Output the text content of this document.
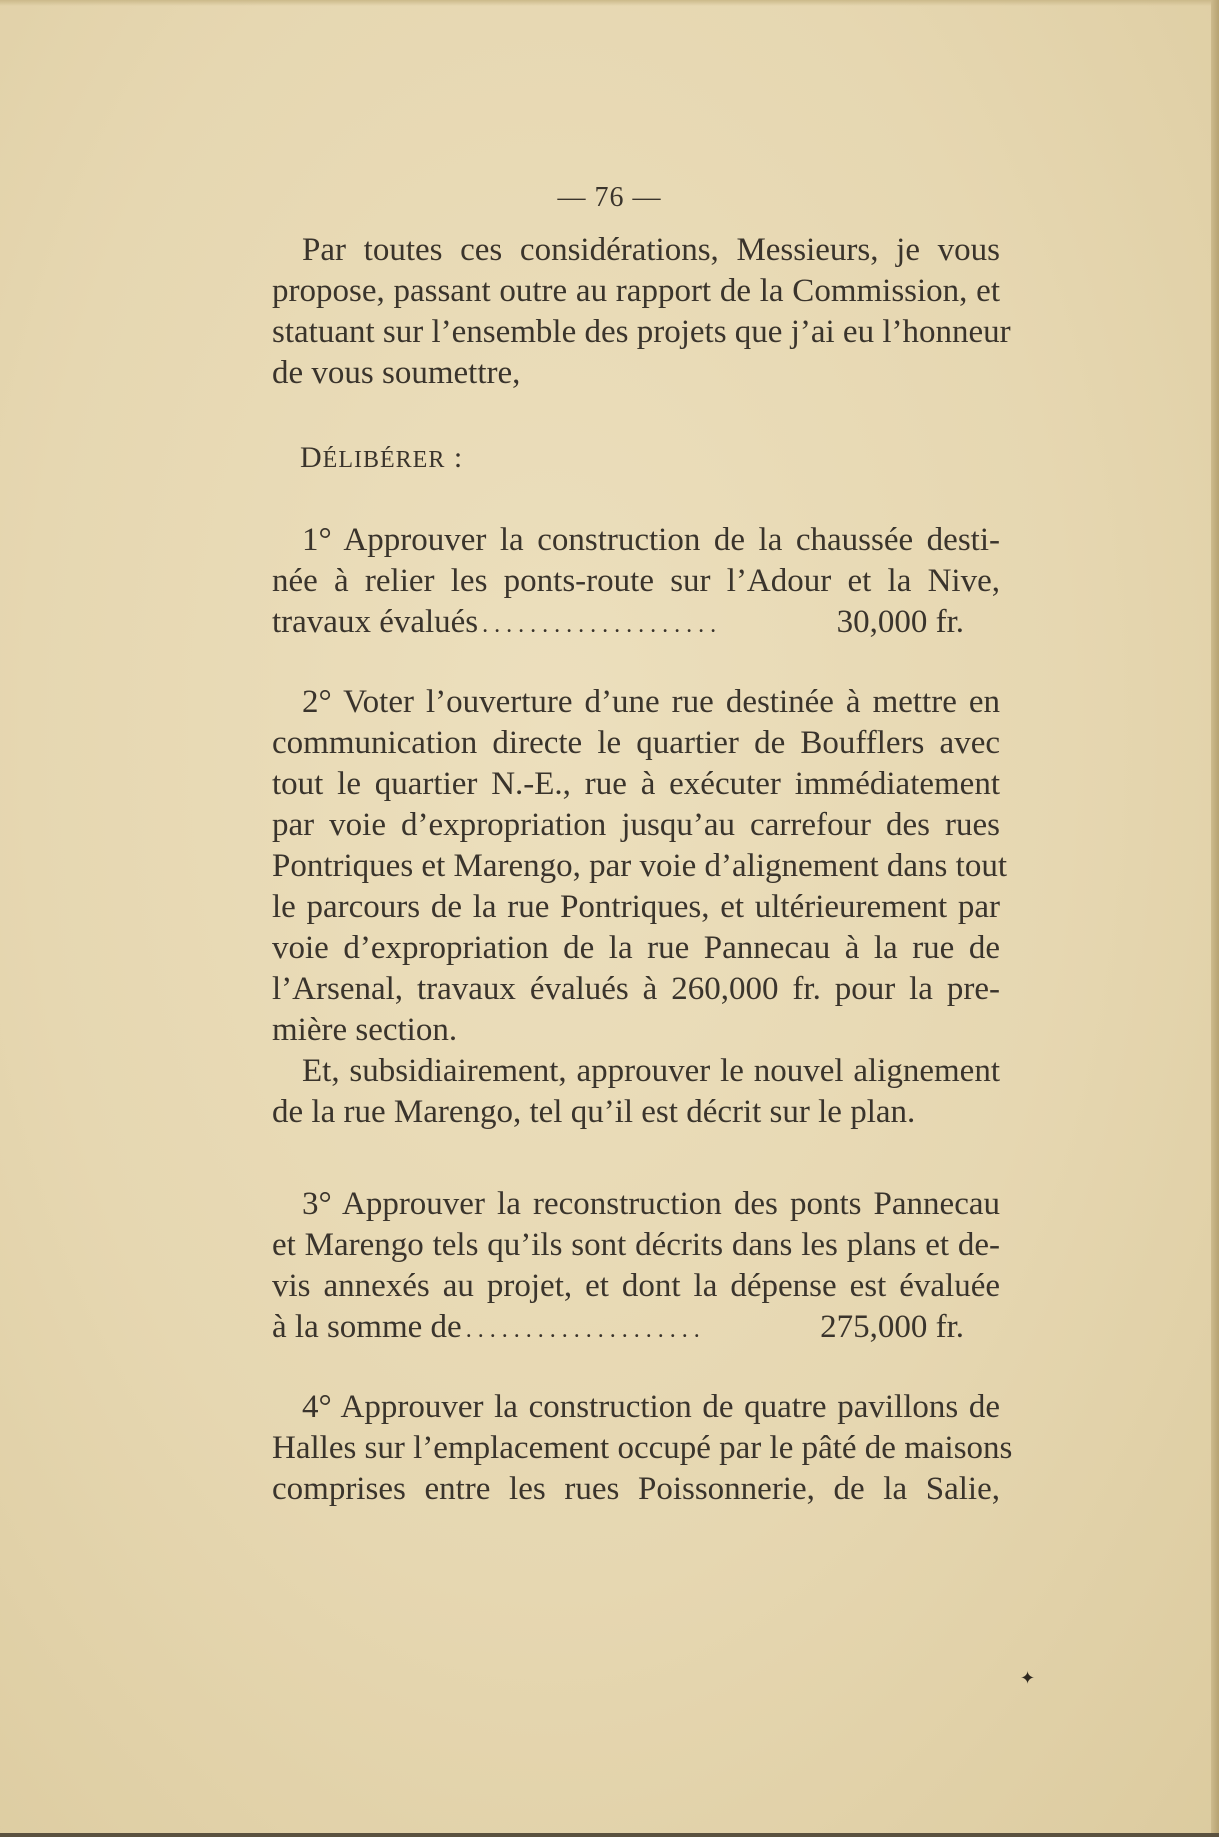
— 76 —
Par toutes ces considérations, Messieurs, je vous
propose, passant outre au rapport de la Commission, et
statuant sur l’ensemble des projets que j’ai eu l’honneur
de vous soumettre,
DÉLIBÉRER :
1° Approuver la construction de la chaussée desti-
née à relier les ponts-route sur l’Adour et la Nive,
travaux évalués ....................	30,000 fr.
2° Voter l’ouverture d’une rue destinée à mettre en
communication directe le quartier de Boufflers avec
tout le quartier N.-E., rue à exécuter immédiatement
par voie d’expropriation jusqu’au carrefour des rues
Pontriques et Marengo, par voie d’alignement dans tout
le parcours de la rue Pontriques, et ultérieurement par
voie d’expropriation de la rue Pannecau à la rue de
l’Arsenal, travaux évalués à 260,000 fr. pour la pre-
mière section.
Et, subsidiairement, approuver le nouvel alignement
de la rue Marengo, tel qu’il est décrit sur le plan.
3° Approuver la reconstruction des ponts Pannecau
et Marengo tels qu’ils sont décrits dans les plans et de-
vis annexés au projet, et dont la dépense est évaluée
à la somme de ....................	275,000 fr.
4° Approuver la construction de quatre pavillons de
Halles sur l’emplacement occupé par le pâté de maisons
comprises entre les rues Poissonnerie, de la Salie,
✦
